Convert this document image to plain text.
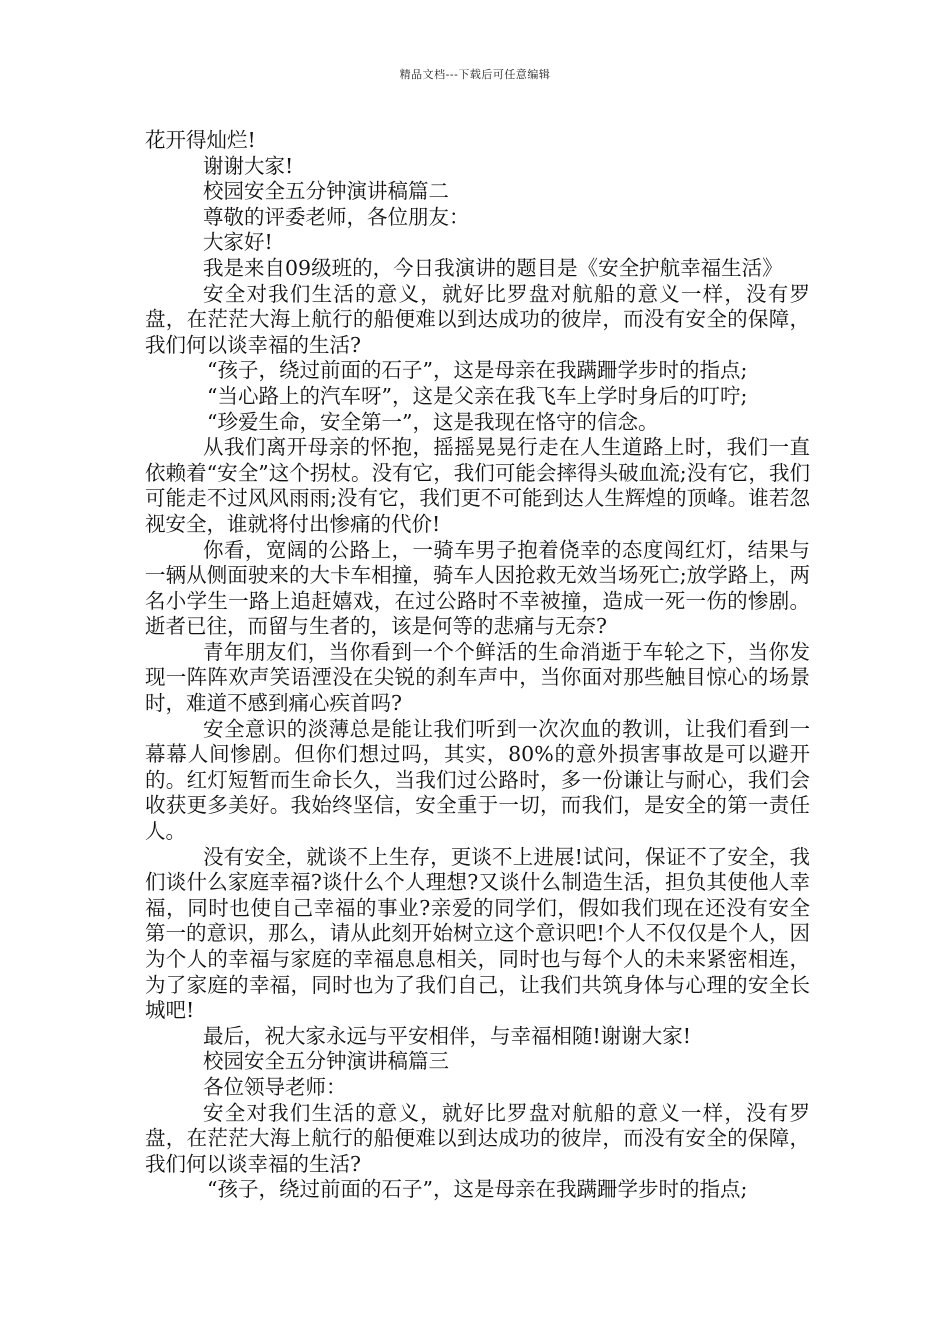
精品文档---下载后可任意编辑

花开得灿烂!

谢谢大家!

校园安全五分钟演讲稿篇二

尊敬的评委老师，各位朋友：

大家好!

我是来自09级班的，今日我演讲的题目是《安全护航幸福生活》

安全对我们生活的意义，就好比罗盘对航船的意义一样，没有罗盘，在茫茫大海上航行的船便难以到达成功的彼岸，而没有安全的保障，我们何以谈幸福的生活?

“孩子，绕过前面的石子”，这是母亲在我蹒跚学步时的指点;

“当心路上的汽车呀”，这是父亲在我飞车上学时身后的叮咛;

“珍爱生命，安全第一”，这是我现在恪守的信念。

从我们离开母亲的怀抱，摇摇晃晃行走在人生道路上时，我们一直依赖着“安全”这个拐杖。没有它，我们可能会摔得头破血流;没有它，我们可能走不过风风雨雨;没有它，我们更不可能到达人生辉煌的顶峰。谁若忽视安全，谁就将付出惨痛的代价!

你看，宽阔的公路上，一骑车男子抱着侥幸的态度闯红灯，结果与一辆从侧面驶来的大卡车相撞，骑车人因抢救无效当场死亡;放学路上，两名小学生一路上追赶嬉戏，在过公路时不幸被撞，造成一死一伤的惨剧。逝者已往，而留与生者的，该是何等的悲痛与无奈?

青年朋友们，当你看到一个个鲜活的生命消逝于车轮之下，当你发现一阵阵欢声笑语湮没在尖锐的刹车声中，当你面对那些触目惊心的场景时，难道不感到痛心疾首吗?

安全意识的淡薄总是能让我们听到一次次血的教训，让我们看到一幕幕人间惨剧。但你们想过吗，其实，80%的意外损害事故是可以避开的。红灯短暂而生命长久，当我们过公路时，多一份谦让与耐心，我们会收获更多美好。我始终坚信，安全重于一切，而我们，是安全的第一责任人。

没有安全，就谈不上生存，更谈不上进展!试问，保证不了安全，我们谈什么家庭幸福?谈什么个人理想?又谈什么制造生活，担负其使他人幸福，同时也使自己幸福的事业?亲爱的同学们，假如我们现在还没有安全第一的意识，那么，请从此刻开始树立这个意识吧!个人不仅仅是个人，因为个人的幸福与家庭的幸福息息相关，同时也与每个人的未来紧密相连，为了家庭的幸福，同时也为了我们自己，让我们共筑身体与心理的安全长城吧!

最后，祝大家永远与平安相伴，与幸福相随!谢谢大家!

校园安全五分钟演讲稿篇三

各位领导老师：

安全对我们生活的意义，就好比罗盘对航船的意义一样，没有罗盘，在茫茫大海上航行的船便难以到达成功的彼岸，而没有安全的保障，我们何以谈幸福的生活?

“孩子，绕过前面的石子”，这是母亲在我蹒跚学步时的指点;
